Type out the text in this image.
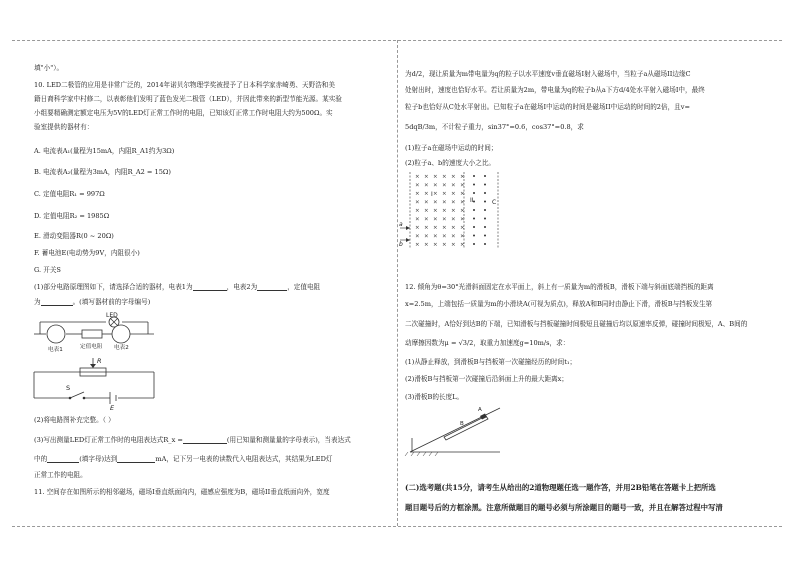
填"小"）。
10. LED二极管的应用是非常广泛的，2014年诺贝尔物理学奖被授予了日本科学家赤崎勇、天野浩和美
籍日裔科学家中村修二，以表彰他们发明了蓝色发光二极管（LED），并因此带来的新型节能光源。某实验
小组要精确测定额定电压为5V的LED灯正常工作时的电阻，已知该灯正常工作时电阻大约为500Ω。实
验室提供的器材有：
A. 电流表A₁(量程为15mA，内阻R_A1约为3Ω)
B. 电流表A₂(量程为3mA，内阻R_A2 = 15Ω)
C. 定值电阻R₁ = 997Ω
D. 定值电阻R₂ = 1985Ω
E. 滑动变阻器R(0 ~ 20Ω)
F. 蓄电池E(电动势为9V，内阻很小)
G. 开关S
(1)部分电路原理图如下，请选择合适的器材，电表1为	，电表2为	，定值电阻
为	。(填写器材前的字母编号)
LED
电表1	电表2
定值电阻
R
S
E
(2)将电路图补充完整。（ ）
(3)写出测量LED灯正常工作时的电阻表达式R_x =	(用已知量和测量量的字母表示)，当表达式
中的	(填字母)达到	mA，记下另一电表的读数代入电阻表达式，其结果为LED灯
正常工作的电阻。
11. 空间存在如图所示的相邻磁场，磁场I垂直纸面向内，磁感应强度为B，磁场II垂直纸面向外，宽度
为d/2，现让质量为m带电量为q的粒子以水平速度v垂直磁场I射入磁场中，当粒子a从磁场II边缘C
处射出时，速度也恰好水平。若让质量为2m，带电量为q的粒子b从a下方d/4处水平射入磁场I中，最终
粒子b也恰好从C处水平射出。已知粒子a在磁场I中运动的时间是磁场II中运动的时间的2倍，且v=
5dqB/3m，不计粒子重力，sin37°=0.6，cos37°=0.8，求
(1)粒子a在磁场中运动的时间；
(2)粒子a、b的速度大小之比。
× × × × × ×
× × × × × ×
× × × × × ×
× × × × × ×
× × × × × ×
× × × × × ×
× × × × × ×
× × × × × ×
× × × × × ×
I
II	C
a
b
12. 倾角为θ=30°光滑斜面固定在水平面上，斜上有一质量为m的滑板B，滑板下端与斜面底端挡板的距离
x=2.5m，上端包括一质量为m的小滑块A(可视为质点)，释放A和B同时由静止下滑，滑板B与挡板发生第
二次碰撞时，A恰好到达B的下端，已知滑板与挡板碰撞时间极短且碰撞后均以原速率反弹，碰撞时间极短，A、B间的
动摩擦因数为μ = √3/2，取重力加速度g=10m/s，求：
(1)从静止释放，到滑板B与挡板第一次碰撞经历的时间t₁；
(2)滑板B与挡板第一次碰撞后沿斜面上升的最大距离x；
(3)滑板B的长度L。
A
B
(二)选考题(共15分，请考生从给出的2道物理题任选一题作答，并用2B铅笔在答题卡上把所选
题目题号后的方框涂黑。注意所做题目的题号必须与所涂题目的题号一致，并且在解答过程中写清
